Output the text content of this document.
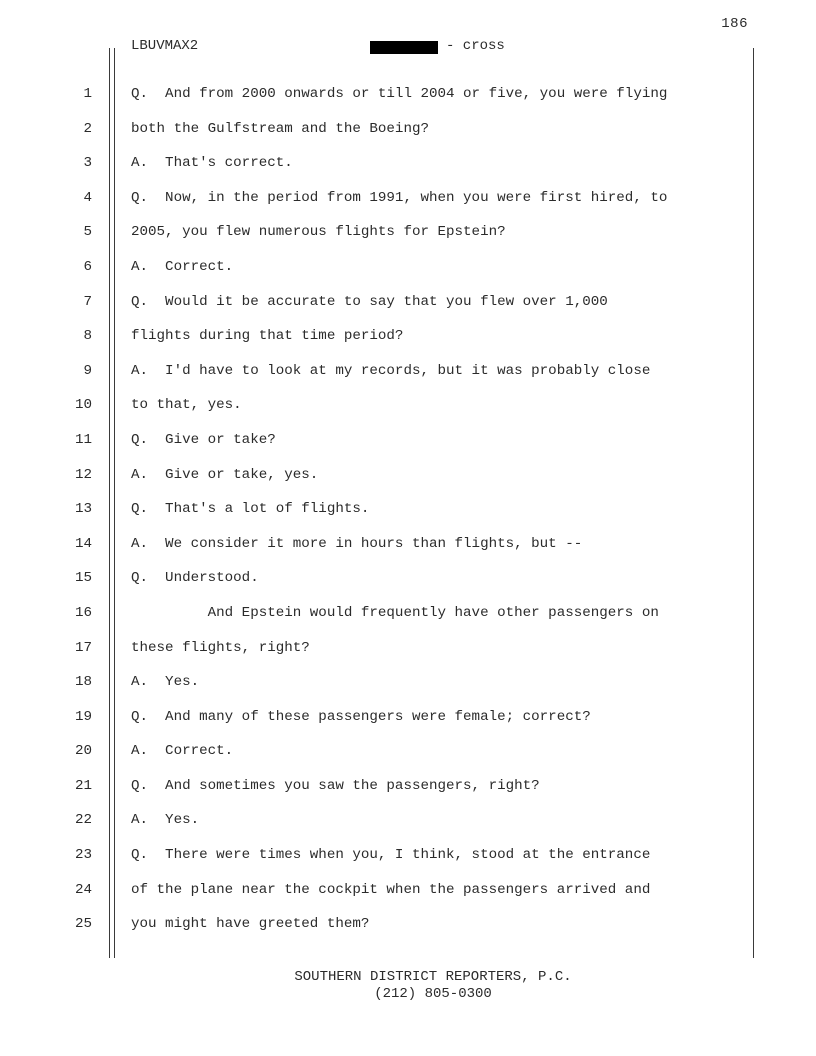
186
LBUVMAX2	- cross
1	Q.  And from 2000 onwards or till 2004 or five, you were flying
2	both the Gulfstream and the Boeing?
3	A.  That's correct.
4	Q.  Now, in the period from 1991, when you were first hired, to
5	2005, you flew numerous flights for Epstein?
6	A.  Correct.
7	Q.  Would it be accurate to say that you flew over 1,000
8	flights during that time period?
9	A.  I'd have to look at my records, but it was probably close
10	to that, yes.
11	Q.  Give or take?
12	A.  Give or take, yes.
13	Q.  That's a lot of flights.
14	A.  We consider it more in hours than flights, but --
15	Q.  Understood.
16	And Epstein would frequently have other passengers on
17	these flights, right?
18	A.  Yes.
19	Q.  And many of these passengers were female; correct?
20	A.  Correct.
21	Q.  And sometimes you saw the passengers, right?
22	A.  Yes.
23	Q.  There were times when you, I think, stood at the entrance
24	of the plane near the cockpit when the passengers arrived and
25	you might have greeted them?
SOUTHERN DISTRICT REPORTERS, P.C.
(212) 805-0300
